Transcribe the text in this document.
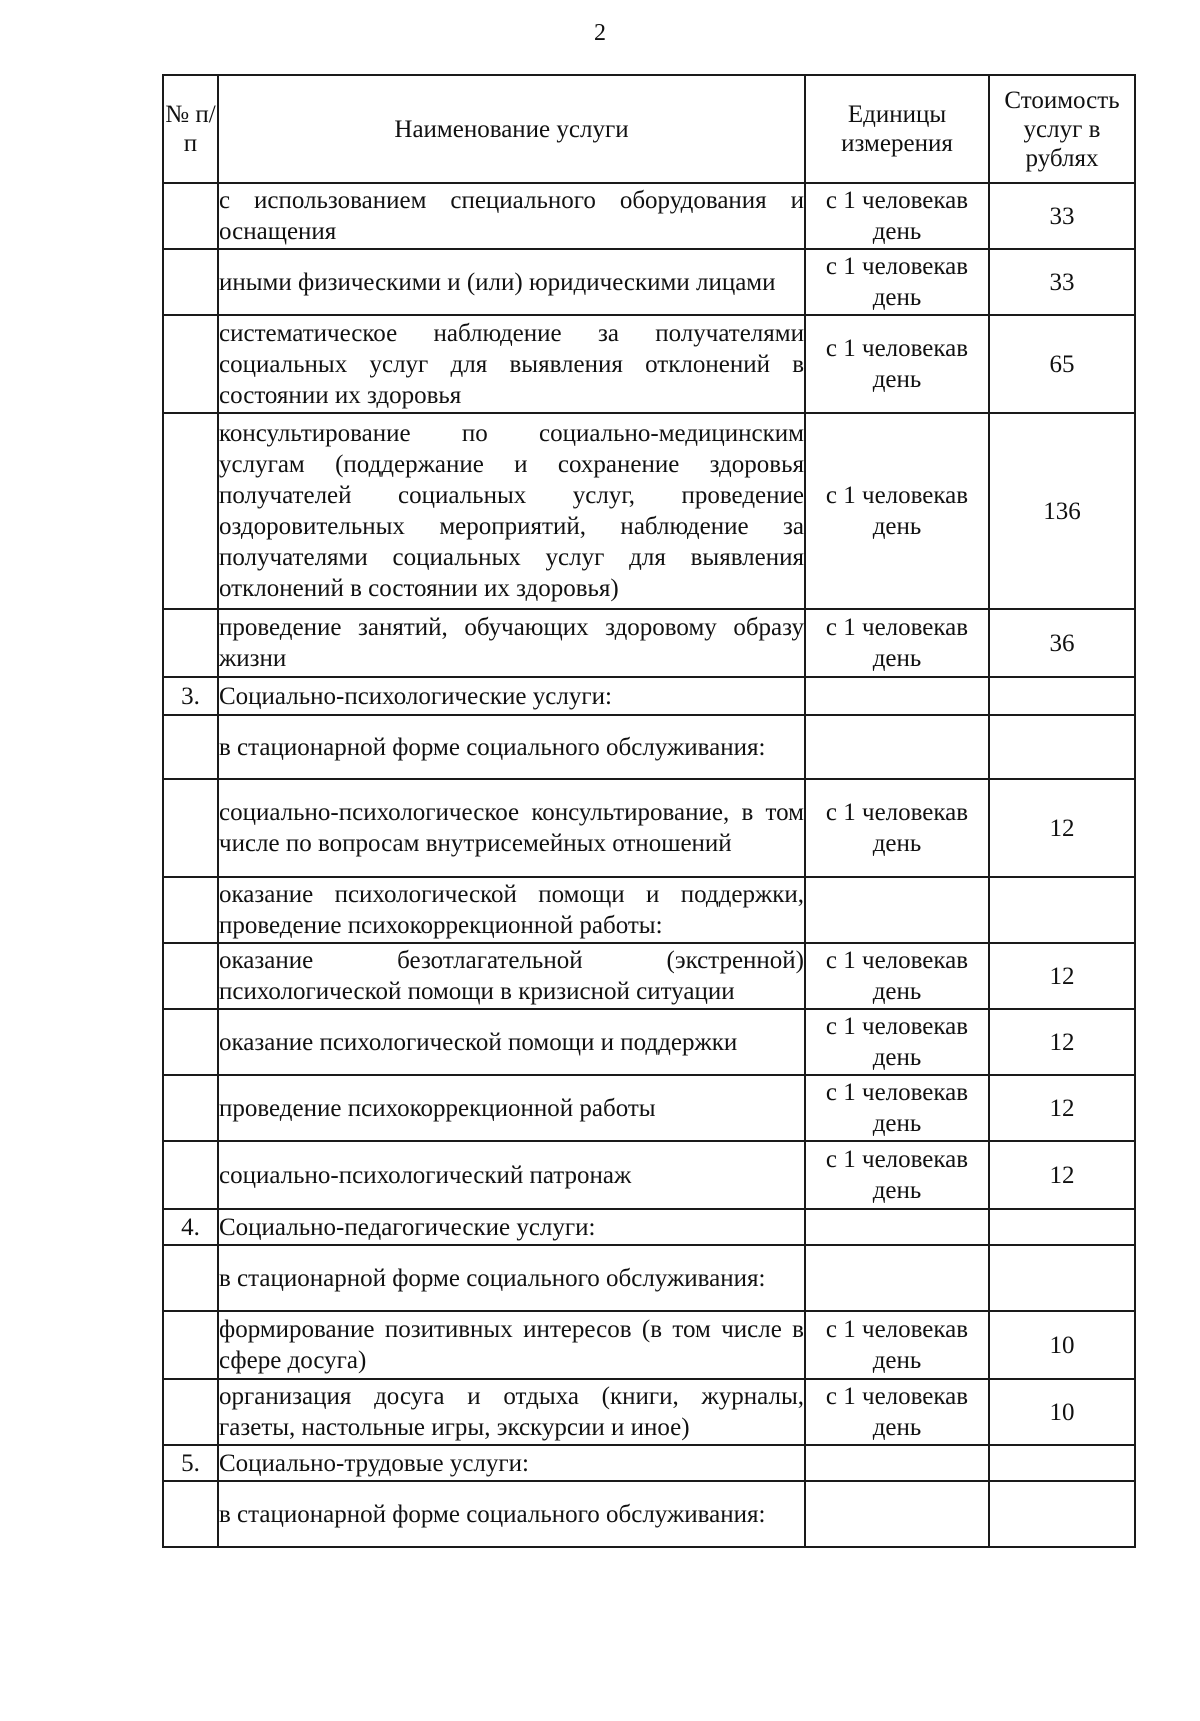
2
№ п/п	Наименование услуги	Единицы измерения	Стоимость услуг в рублях
	с использованием специального оборудования и оснащения	с 1 человекав день	33
	иными физическими и (или) юридическими лицами	с 1 человекав день	33
	систематическое наблюдение за получателями социальных услуг для выявления отклонений в состоянии их здоровья	с 1 человекав день	65
	консультирование по социально-медицинским услугам (поддержание и сохранение здоровья получателей социальных услуг, проведение оздоровительных мероприятий, наблюдение за получателями социальных услуг для выявления отклонений в состоянии их здоровья)	с 1 человекав день	136
	проведение занятий, обучающих здоровому образу жизни	с 1 человекав день	36
3.	Социально-психологические услуги:		
	в стационарной форме социального обслуживания:		
	социально-психологическое консультирование, в том числе по вопросам внутрисемейных отношений	с 1 человекав день	12
	оказание психологической помощи и поддержки, проведение психокоррекционной работы:		
	оказание безотлагательной (экстренной) психологической помощи в кризисной ситуации	с 1 человекав день	12
	оказание психологической помощи и поддержки	с 1 человекав день	12
	проведение психокоррекционной работы	с 1 человекав день	12
	социально-психологический патронаж	с 1 человекав день	12
4.	Социально-педагогические услуги:		
	в стационарной форме социального обслуживания:		
	формирование позитивных интересов (в том числе в сфере досуга)	с 1 человекав день	10
	организация досуга и отдыха (книги, журналы, газеты, настольные игры, экскурсии и иное)	с 1 человекав день	10
5.	Социально-трудовые услуги:		
	в стационарной форме социального обслуживания:		
